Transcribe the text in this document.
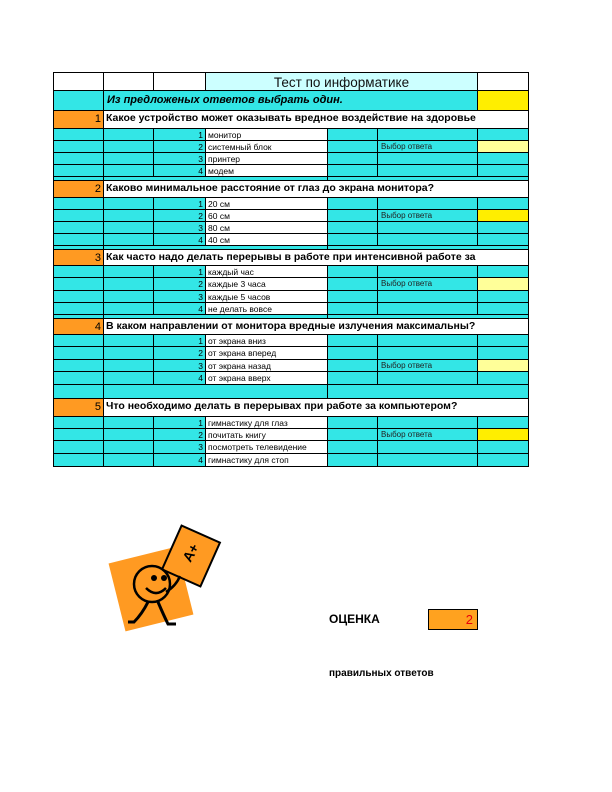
Тест по информатике
Из предложеных ответов выбрать один.
1 Какое устройство может оказывать вредное воздействие на здоровье
1 монитор
2 системный блок	Выбор ответа
3 принтер
4 модем
2 Каково минимальное расстояние от глаз до экрана монитора?
1 20 см
2 60 см	Выбор ответа
3 80 см
4 40 см
3 Как часто надо делать перерывы в работе при интенсивной работе за
1 каждый час
2 каждые 3 часа	Выбор ответа
3 каждые 5 часов
4 не делать вовсе
4 В каком направлении от монитора вредные излучения максимальны?
1 от экрана вниз
2 от экрана вперед
3 от экрана назад	Выбор ответа
4 от экрана вверх
5 Что необходимо делать в перерывах при работе за компьютером?
1 гимнастику для глаз
2 почитать книгу	Выбор ответа
3 посмотреть телевидение
4 гимнастику для стоп
ОЦЕНКА	2
правильных ответов
A+
